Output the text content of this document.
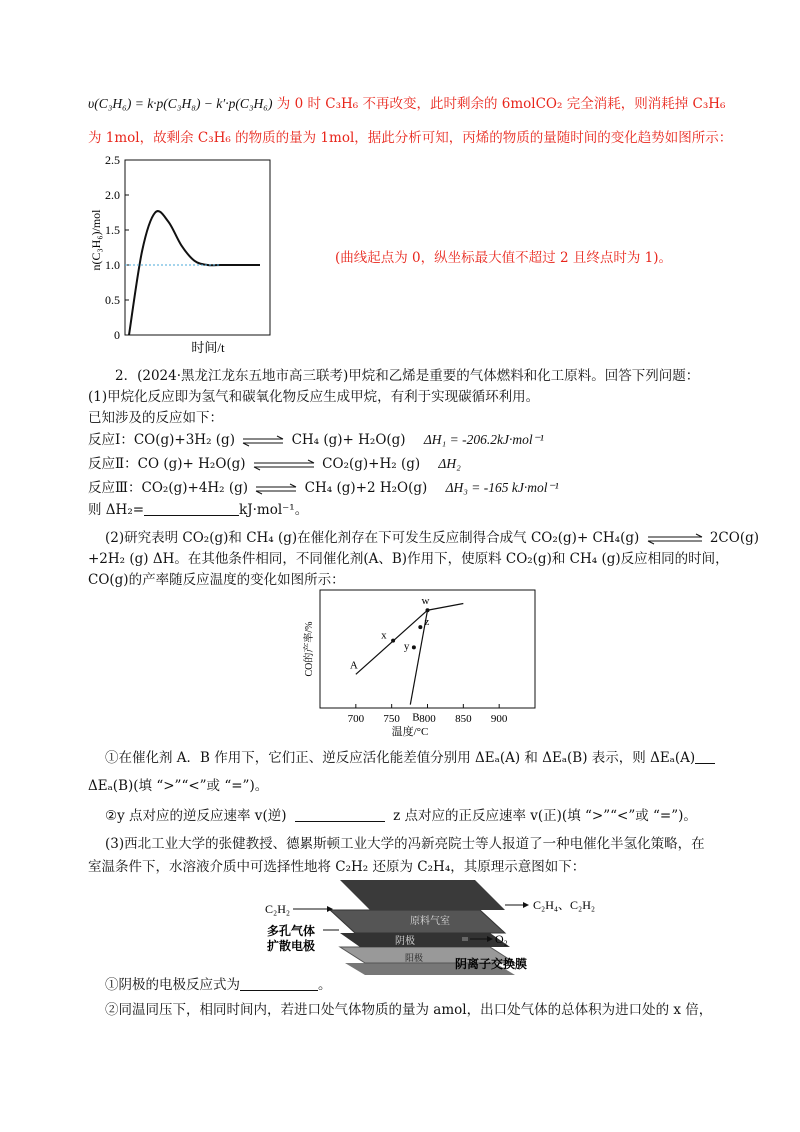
υ(C₃H₆) = k·p(C₃H₈) − k′·p(C₃H₆) 为 0 时 C₃H₆ 不再改变，此时剩余的 6molCO₂ 完全消耗，则消耗掉 C₃H₆
为 1mol，故剩余 C₃H₆ 的物质的量为 1mol，据此分析可知，丙烯的物质的量随时间的变化趋势如图所示：
0
0.5
1.0
1.5
2.0
2.5
时间/t
n(C₃H₆)/mol	(曲线起点为 0，纵坐标最大值不超过 2 且终点时为 1)。
2．(2024·黑龙江龙东五地市高三联考)甲烷和乙烯是重要的气体燃料和化工原料。回答下列问题：
(1)甲烷化反应即为氢气和碳氧化物反应生成甲烷，有利于实现碳循环利用。
已知涉及的反应如下：
反应Ⅰ：CO(g)+3H₂ (g) ⇌ CH₄ (g)+ H₂O(g) ΔH₁ = -206.2kJ·mol⁻¹
反应Ⅱ：CO (g)+ H₂O(g)	CO₂(g)+H₂ (g) ΔH₂
反应Ⅲ：CO₂(g)+4H₂ (g) ⇌ CH₄ (g)+2 H₂O(g) ΔH₃ = -165 kJ·mol⁻¹
则 ΔH₂=	kJ·mol⁻¹。
(2)研究表明 CO₂(g)和 CH₄ (g)在催化剂存在下可发生反应制得合成气 CO₂(g)+ CH₄(g)	2CO(g)
+2H₂ (g) ΔH。在其他条件相同，不同催化剂(A、B)作用下，使原料 CO₂(g)和 CH₄ (g)反应相同的时间，
CO(g)的产率随反应温度的变化如图所示：
700 750 800 850 900
A
B
x
w
z
y
温度/°C
CO的产率/%
①在催化剂 A．B 作用下，它们正、逆反应活化能差值分别用 ΔEₐ(A) 和 ΔEₐ(B) 表示，则 ΔEₐ(A)
ΔEₐ(B)(填 “>”“<”或 “=”)。
②y 点对应的逆反应速率 v(逆)	z 点对应的正反应速率 v(正)(填 “>”“<”或 “=”)。
(3)西北工业大学的张健教授、德累斯顿工业大学的冯新亮院士等人报道了一种电催化半氢化策略，在
室温条件下，水溶液介质中可选择性地将 C₂H₂ 还原为 C₂H₄，其原理示意图如下：
原料气室
阴极
阳极
C₂H₂	C₂H₄、C₂H₂
O₂
多孔气体
扩散电极
阴离子交换膜
①阴极的电极反应式为	。
②同温同压下，相同时间内，若进口处气体物质的量为 amol，出口处气体的总体积为进口处的 x 倍，
